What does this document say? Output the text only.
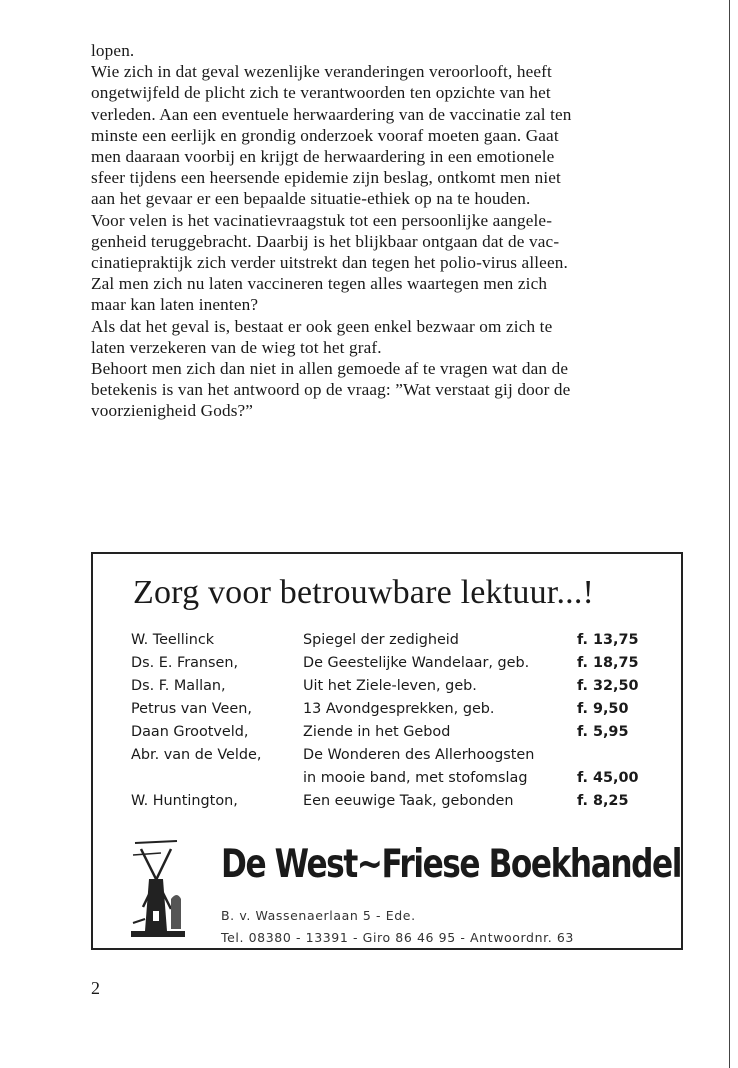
lopen.

Wie zich in dat geval wezenlijke veranderingen veroorlooft, heeft

ongetwijfeld de plicht zich te verantwoorden ten opzichte van het

verleden. Aan een eventuele herwaardering van de vaccinatie zal ten

minste een eerlijk en grondig onderzoek vooraf moeten gaan. Gaat

men daaraan voorbij en krijgt de herwaardering in een emotionele

sfeer tijdens een heersende epidemie zijn beslag, ontkomt men niet

aan het gevaar er een bepaalde situatie-ethiek op na te houden.

Voor velen is het vacinatievraagstuk tot een persoonlijke aangele-

genheid teruggebracht. Daarbij is het blijkbaar ontgaan dat de vac-

cinatiepraktijk zich verder uitstrekt dan tegen het polio-virus alleen.

Zal men zich nu laten vaccineren tegen alles waartegen men zich

maar kan laten inenten?

Als dat het geval is, bestaat er ook geen enkel bezwaar om zich te

laten verzekeren van de wieg tot het graf.

Behoort men zich dan niet in allen gemoede af te vragen wat dan de

betekenis is van het antwoord op de vraag: ”Wat verstaat gij door de

voorzienigheid Gods?”

Zorg voor betrouwbare lektuur...!
W. Teellinck	Spiegel der zedigheid	f. 13,75
Ds. E. Fransen,	De Geestelijke Wandelaar, geb.	f. 18,75
Ds. F. Mallan,	Uit het Ziele-leven, geb.	f. 32,50
Petrus van Veen,	13 Avondgesprekken, geb.	f. 9,50
Daan Grootveld,	Ziende in het Gebod	f. 5,95
Abr. van de Velde,	De Wonderen des Allerhoogsten
in mooie band, met stofomslag	f. 45,00
W. Huntington,	Een eeuwige Taak, gebonden	f. 8,25
De West~Friese Boekhandel
B. v. Wassenaerlaan 5 - Ede.
Tel. 08380 - 13391 - Giro 86 46 95 - Antwoordnr. 63
2
